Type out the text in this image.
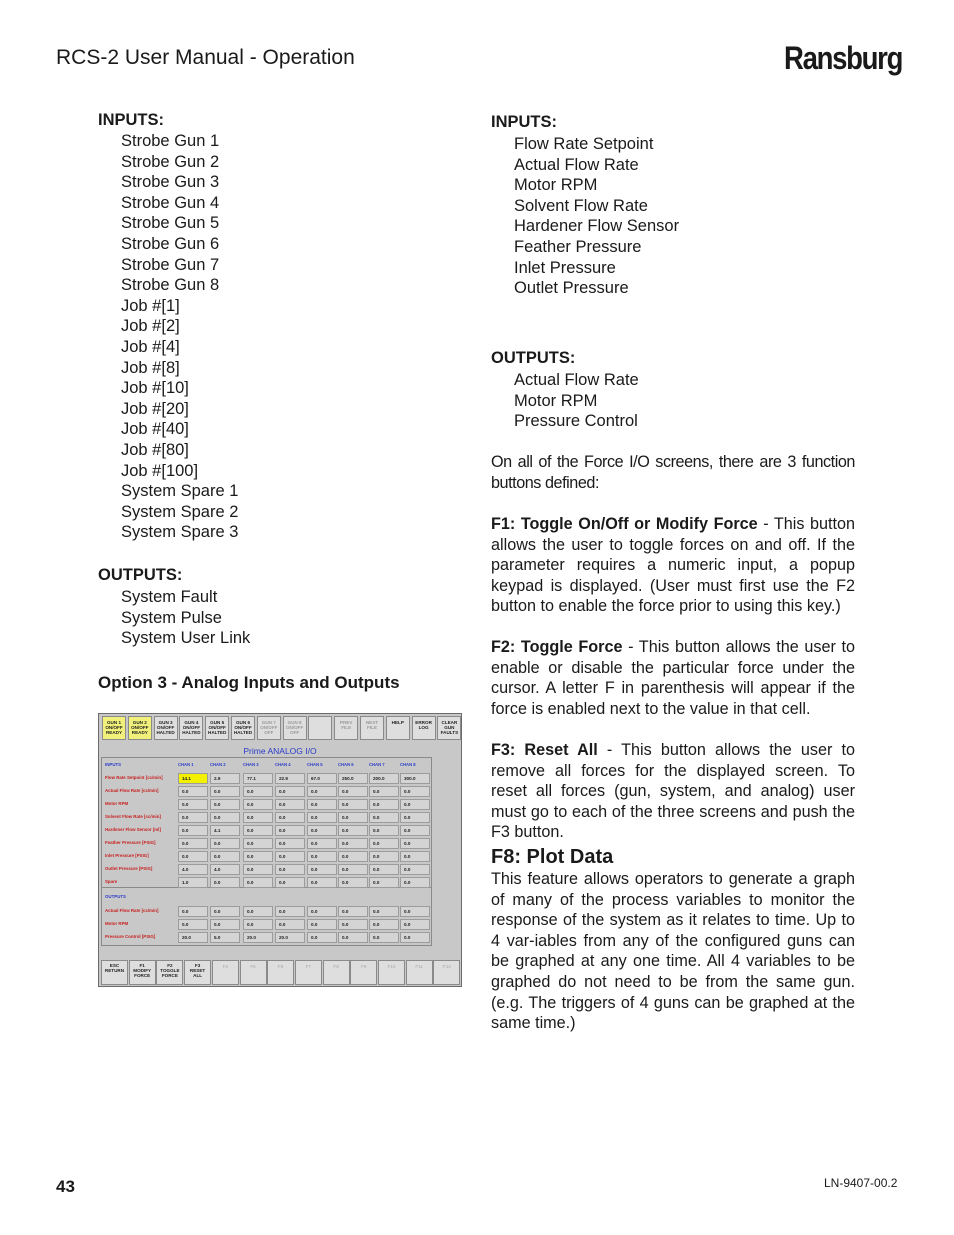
RCS-2 User Manual - Operation	Ransburg
INPUTS:
Strobe Gun 1
Strobe Gun 2
Strobe Gun 3
Strobe Gun 4
Strobe Gun 5
Strobe Gun 6
Strobe Gun 7
Strobe Gun 8
Job #[1]
Job #[2]
Job #[4]
Job #[8]
Job #[10]
Job #[20]
Job #[40]
Job #[80]
Job #[100]
System Spare 1
System Spare 2
System Spare 3
OUTPUTS:
System Fault
System Pulse
System User Link
Option 3 - Analog Inputs and Outputs
GUN 1
ON/OFF
READY
GUN 2
ON/OFF
READY
GUN 3
ON/OFF
HALTED
GUN 4
ON/OFF
HALTED
GUN 5
ON/OFF
HALTED
GUN 6
ON/OFF
HALTED
GUN 7
ON/OFF
OFF
GUN 8
ON/OFF
OFF
PREV
FILE
NEXT
FILE
HELP	ERROR
LOG
CLEAR
GUN
FAULTS
Prime ANALOG I/O
INPUTS	CHAN 1	CHAN 2	CHAN 3	CHAN 4	CHAN 5	CHAN 6	CHAN 7	CHAN 8
Flow Rate Setpoint [cc/min]	14.1	2.9	77.1	22.9	67.0	250.0	200.0	300.0
Actual Flow Rate [cc/min]	0.0	0.0	0.0	0.0	0.0	0.0	0.0	0.0
Motor RPM	0.0	0.0	0.0	0.0	0.0	0.0	0.0	0.0
Solvent Flow Rate [cc/min]	0.0	0.0	0.0	0.0	0.0	0.0	0.0	0.0
Hardener Flow Sensor [ml]	0.0	4.1	0.0	0.0	0.0	0.0	0.0	0.0
Feather Pressure [PSIG]	0.0	0.0	0.0	0.0	0.0	0.0	0.0	0.0
Inlet Pressure [PSIG]	0.0	0.0	0.0	0.0	0.0	0.0	0.0	0.0
Outlet Pressure [PSIG]	4.0	4.0	0.0	0.0	0.0	0.0	0.0	0.0
Spare	1.0	0.0	0.0	0.0	0.0	0.0	0.0	0.0
OUTPUTS
Actual Flow Rate [cc/min]	0.0	0.0	0.0	0.0	0.0	0.0	0.0	0.0
Motor RPM	0.0	0.0	0.0	0.0	0.0	0.0	0.0	0.0
Pressure Control [PSIG]	20.0	5.0	20.0	20.0	0.0	0.0	0.0	0.0
ESC
RETURN
F1
MODIFY
FORCE
F2
TOGGLE
FORCE
F3
RESET
ALL
F4	F5	F6	F7	F8	F9	F10	F11	F12
INPUTS:
Flow Rate Setpoint
Actual Flow Rate
Motor RPM
Solvent Flow Rate
Hardener Flow Sensor
Feather Pressure
Inlet Pressure
Outlet Pressure
OUTPUTS:
Actual Flow Rate
Motor RPM
Pressure Control
On all of the Force I/O screens, there are 3 function buttons defined:
F1: Toggle On/Off or Modify Force - This button allows the user to toggle forces on and off. If the parameter requires a numeric input, a popup keypad is displayed. (User must first use the F2 button to enable the force prior to using this key.)
F2: Toggle Force - This button allows the user to enable or disable the particular force under the cursor. A letter F in parenthesis will appear if the force is enabled next to the value in that cell.
F3: Reset All - This button allows the user to remove all forces for the displayed screen. To reset all forces (gun, system, and analog) user must go to each of the three screens and push the F3 button.
F8: Plot Data
This feature allows operators to generate a graph of many of the process variables to monitor the response of the system as it relates to time. Up to 4 var-iables from any of the configured guns can be graphed at any one time. All 4 variables to be graphed do not need to be from the same gun. (e.g. The triggers of 4 guns can be graphed at the same time.)
43	LN-9407-00.2
